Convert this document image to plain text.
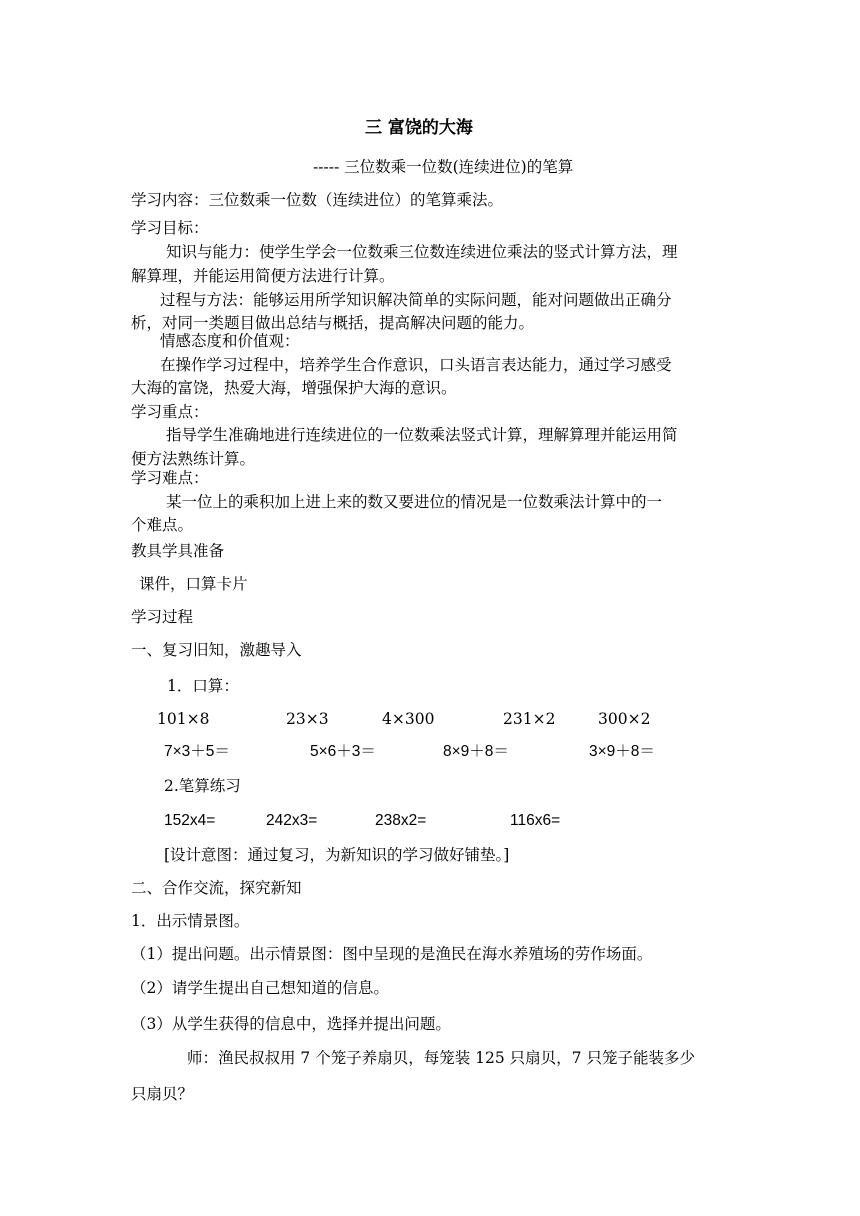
三 富饶的大海
----- 三位数乘一位数(连续进位)的笔算
学习内容：三位数乘一位数（连续进位）的笔算乘法。
学习目标：
知识与能力：使学生学会一位数乘三位数连续进位乘法的竖式计算方法，理
解算理，并能运用简便方法进行计算。
过程与方法：能够运用所学知识解决简单的实际问题，能对问题做出正确分
析，对同一类题目做出总结与概括，提高解决问题的能力。
情感态度和价值观：
在操作学习过程中，培养学生合作意识，口头语言表达能力，通过学习感受
大海的富饶，热爱大海，增强保护大海的意识。
学习重点：
指导学生准确地进行连续进位的一位数乘法竖式计算，理解算理并能运用简
便方法熟练计算。
学习难点：
某一位上的乘积加上进上来的数又要进位的情况是一位数乘法计算中的一
个难点。
教具学具准备
课件，口算卡片
学习过程
一、复习旧知，激趣导入
1．口算：
101×8	23×3	4×300	231×2	300×2
7×3＋5＝	5×6＋3＝	8×9＋8＝	3×9＋8＝
2.笔算练习
152x4=	242x3=	238x2=	116x6=
[设计意图：通过复习，为新知识的学习做好铺垫。]
二、合作交流，探究新知
1．出示情景图。
（1）提出问题。出示情景图：图中呈现的是渔民在海水养殖场的劳作场面。
（2）请学生提出自己想知道的信息。
（3）从学生获得的信息中，选择并提出问题。
师：渔民叔叔用 7 个笼子养扇贝，每笼装 125 只扇贝，7 只笼子能装多少
只扇贝？
